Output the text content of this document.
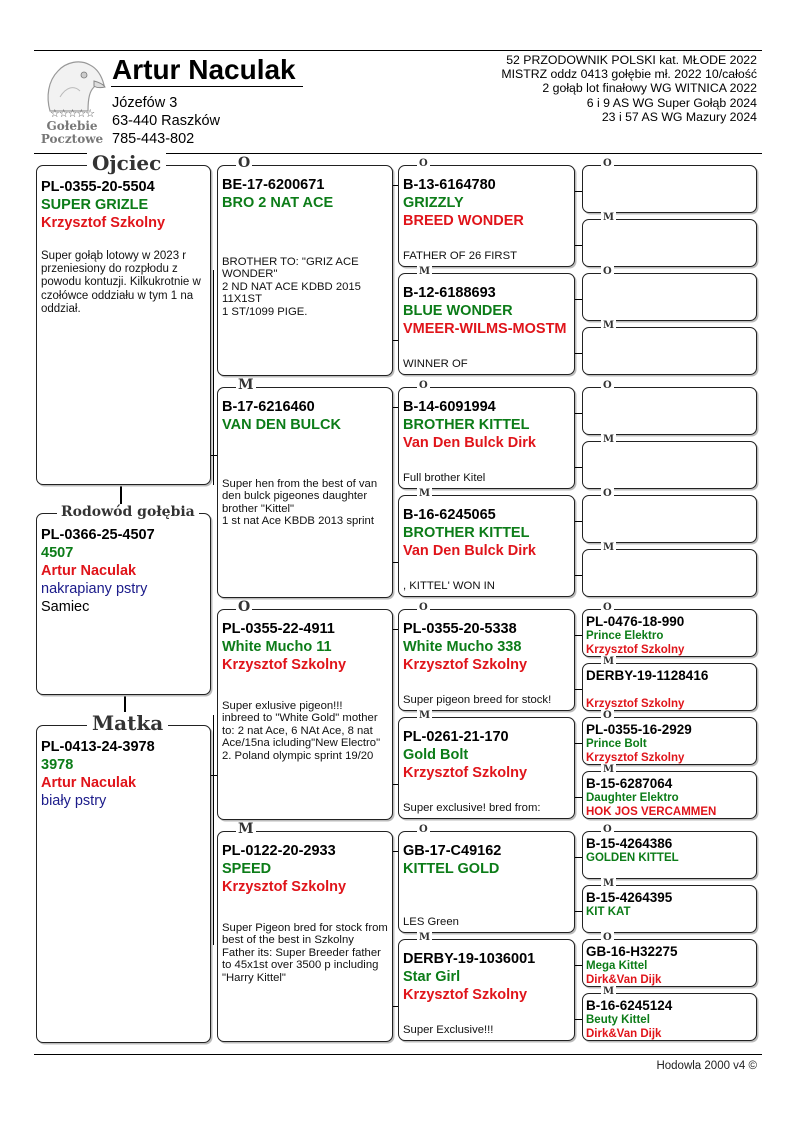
☆☆☆☆☆
Gołebie
Pocztowe
Artur Naculak
Józefów 3
63-440 Raszków
785-443-802
52 PRZODOWNIK POLSKI kat. MŁODE 2022
MISTRZ oddz 0413 gołębie mł. 2022 10/całość
2 gołąb lot finałowy WG WITNICA 2022
6 i 9 AS WG Super Gołąb 2024
23 i 57 AS WG Mazury 2024
Ojciec
PL-0355-20-5504
SUPER GRIZLE
Krzysztof Szkolny
Super gołąb lotowy w 2023 r przeniesiony do rozpłodu z powodu kontuzji. Kilkukrotnie w czołówce oddziału w tym 1 na oddział.
Rodowód gołębia
PL-0366-25-4507
4507
Artur Naculak
nakrapiany pstry
Samiec
Matka
PL-0413-24-3978
3978
Artur Naculak
biały pstry
O
BE-17-6200671
BRO 2 NAT ACE
BROTHER TO: "GRIZ ACE WONDER"
2 ND NAT ACE KDBD 2015
11X1ST
1 ST/1099 PIGE.
M
B-17-6216460
VAN DEN BULCK
Super hen from the best of van den bulck pigeones daughter brother "Kittel"
1 st nat Ace KBDB 2013 sprint
O
PL-0355-22-4911
White Mucho 11
Krzysztof Szkolny
Super exlusive pigeon!!!
inbreed to "White Gold" mother to: 2 nat Ace, 6 NAt Ace, 8 nat Ace/15na icluding"New Electro" 2. Poland olympic sprint 19/20
M
PL-0122-20-2933
SPEED
Krzysztof Szkolny
Super Pigeon bred for stock from best of the best in Szkolny
Father its: Super Breeder father to 45x1st over 3500 p including "Harry Kittel"
O
B-13-6164780
GRIZZLY
BREED WONDER
FATHER OF 26 FIRST
M
B-12-6188693
BLUE WONDER
VMEER-WILMS-MOSTM
WINNER OF
O
B-14-6091994
BROTHER KITTEL
Van Den Bulck Dirk
Full brother Kitel
M
B-16-6245065
BROTHER KITTEL
Van Den Bulck Dirk
, KITTEL' WON IN
O
PL-0355-20-5338
White Mucho 338
Krzysztof Szkolny
Super pigeon breed for stock!
M
PL-0261-21-170
Gold Bolt
Krzysztof Szkolny
Super exclusive! bred from:
O
GB-17-C49162
KITTEL GOLD
LES Green
M
DERBY-19-1036001
Star Girl
Krzysztof Szkolny
Super Exclusive!!!
O
M
O
M
O
M
O
M
O
PL-0476-18-990
Prince Elektro
Krzysztof Szkolny
M
DERBY-19-1128416
Krzysztof Szkolny
O
PL-0355-16-2929
Prince Bolt
Krzysztof Szkolny
M
B-15-6287064
Daughter Elektro
HOK JOS VERCAMMEN
O
B-15-4264386
GOLDEN KITTEL
M
B-15-4264395
KIT KAT
O
GB-16-H32275
Mega Kittel
Dirk&Van Dijk
M
B-16-6245124
Beuty Kittel
Dirk&Van Dijk
Hodowla 2000 v4 ©
